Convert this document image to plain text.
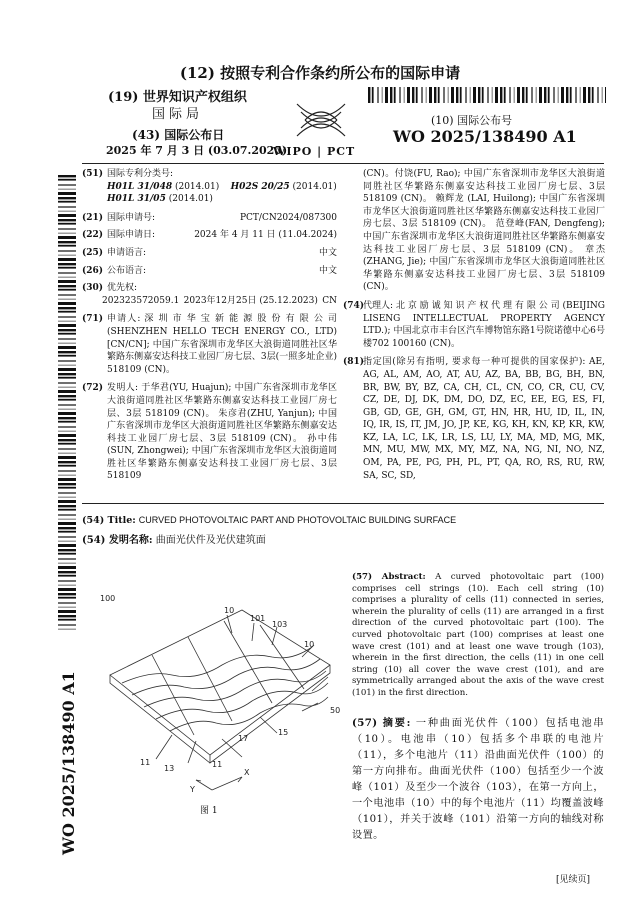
(12) 按照专利合作条约所公布的国际申请
(19) 世界知识产权组织
国际局
(43) 国际公布日
2025 年 7 月 3 日 (03.07.2025)
WIPO | PCT
(10) 国际公布号
WO 2025/138490 A1
(51) 国际专利分类号:
H01L 31/048 (2014.01) H02S 20/25 (2014.01)
H01L 31/05 (2014.01)
(21) 国际申请号:	PCT/CN2024/087300
(22) 国际申请日:	2024 年 4 月 11 日 (11.04.2024)
(25) 申请语言:	中文
(26) 公布语言:	中文
(30) 优先权:
202323572059.1 2023年12月25日 (25.12.2023) CN
(71) 申请人: 深 圳 市 华 宝 新 能 源 股 份 有 限 公 司 (SHENZHEN HELLO TECH ENERGY CO., LTD) [CN/CN]; 中国广东省深圳市龙华区大浪街道同胜社区华繁路东侧嘉安达科技工业园厂房七层、3层(一照多址企业) 518109 (CN)。
(72) 发明人: 于华君(YU, Huajun); 中国广东省深圳市龙华区大浪街道同胜社区华繁路东侧嘉安达科技工业园厂房七层、3层 518109 (CN)。 朱彦君(ZHU, Yanjun); 中国广东省深圳市龙华区大浪街道同胜社区华繁路东侧嘉安达科技工业园厂房七层、3层 518109 (CN)。 孙中伟(SUN, Zhongwei); 中国广东省深圳市龙华区大浪街道同胜社区华繁路东侧嘉安达科技工业园厂房七层、3层 518109
(CN)。付饶(FU, Rao); 中国广东省深圳市龙华区大浪街道同胜社区华繁路东侧嘉安达科技工业园厂房七层、3层 518109 (CN)。 赖辉龙 (LAI, Huilong); 中国广东省深圳市龙华区大浪街道同胜社区华繁路东侧嘉安达科技工业园厂房七层、3层 518109 (CN)。 范登峰(FAN, Dengfeng); 中国广东省深圳市龙华区大浪街道同胜社区华繁路东侧嘉安达科技工业园厂房七层、3层 518109 (CN)。 章杰(ZHANG, Jie); 中国广东省深圳市龙华区大浪街道同胜社区华繁路东侧嘉安达科技工业园厂房七层、3层 518109 (CN)。
(74)
代理人: 北 京 励 诚 知 识 产 权 代 理 有 限 公 司 (BEIJING LISENG INTELLECTUAL PROPERTY AGENCY LTD.); 中国北京市丰台区汽车博物馆东路1号院诺德中心6号楼702 100160 (CN)。
(81)
指定国(除另有指明, 要求每一种可提供的国家保护): AE, AG, AL, AM, AO, AT, AU, AZ, BA, BB, BG, BH, BN, BR, BW, BY, BZ, CA, CH, CL, CN, CO, CR, CU, CV, CZ, DE, DJ, DK, DM, DO, DZ, EC, EE, EG, ES, FI, GB, GD, GE, GH, GM, GT, HN, HR, HU, ID, IL, IN, IQ, IR, IS, IT, JM, JO, JP, KE, KG, KH, KN, KP, KR, KW, KZ, LA, LC, LK, LR, LS, LU, LY, MA, MD, MG, MK, MN, MU, MW, MX, MY, MZ, NA, NG, NI, NO, NZ, OM, PA, PE, PG, PH, PL, PT, QA, RO, RS, RU, RW, SA, SC, SD,
(54) Title: CURVED PHOTOVOLTAIC PART AND PHOTOVOLTAIC BUILDING SURFACE
(54) 发明名称: 曲面光伏件及光伏建筑面
100
10
101
103
10
50
15
17
11
13	11
Y
X
图 1
(57) Abstract: A curved photovoltaic part (100) comprises cell strings (10). Each cell string (10) comprises a plurality of cells (11) connected in series, wherein the plurality of cells (11) are arranged in a first direction of the curved photovoltaic part (100). The curved photovoltaic part (100) comprises at least one wave crest (101) and at least one wave trough (103), wherein in the first direction, the cells (11) in one cell string (10) all cover the wave crest (101), and are symmetrically arranged about the axis of the wave crest (101) in the first direction.
(57) 摘要: 一种曲面光伏件（100）包括电池串（10）。电池串（10）包括多个串联的电池片（11），多个电池片（11）沿曲面光伏件（100）的第一方向排布。曲面光伏件（100）包括至少一个波峰（101）及至少一个波谷（103），在第一方向上，一个电池串（10）中的每个电池片（11）均覆盖波峰（101），并关于波峰（101）沿第一方向的轴线对称设置。
WO 2025/138490 A1
[见续页]
